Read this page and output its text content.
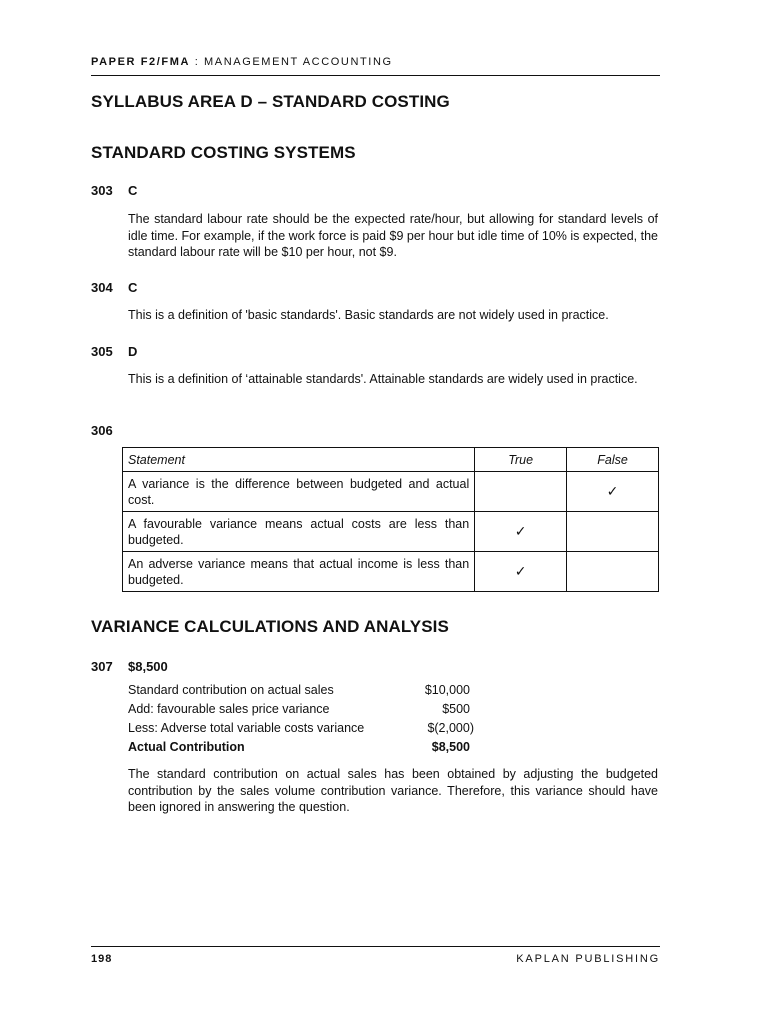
PAPER F2/FMA : MANAGEMENT ACCOUNTING
SYLLABUS AREA D – STANDARD COSTING
STANDARD COSTING SYSTEMS
303 C
The standard labour rate should be the expected rate/hour, but allowing for standard levels of idle time. For example, if the work force is paid $9 per hour but idle time of 10% is expected, the standard labour rate will be $10 per hour, not $9.
304 C
This is a definition of 'basic standards'. Basic standards are not widely used in practice.
305 D
This is a definition of ‘attainable standards'. Attainable standards are widely used in practice.
306
Statement	True	False
A variance is the difference between budgeted and actual cost.		✓
A favourable variance means actual costs are less than budgeted.	✓	
An adverse variance means that actual income is less than budgeted.	✓	
VARIANCE CALCULATIONS AND ANALYSIS
307 $8,500
Standard contribution on actual sales	$10,000
Add: favourable sales price variance	$500
Less: Adverse total variable costs variance	$(2,000)
Actual Contribution	$8,500
The standard contribution on actual sales has been obtained by adjusting the budgeted contribution by the sales volume contribution variance. Therefore, this variance should have been ignored in answering the question.
198	KAPLAN PUBLISHING
